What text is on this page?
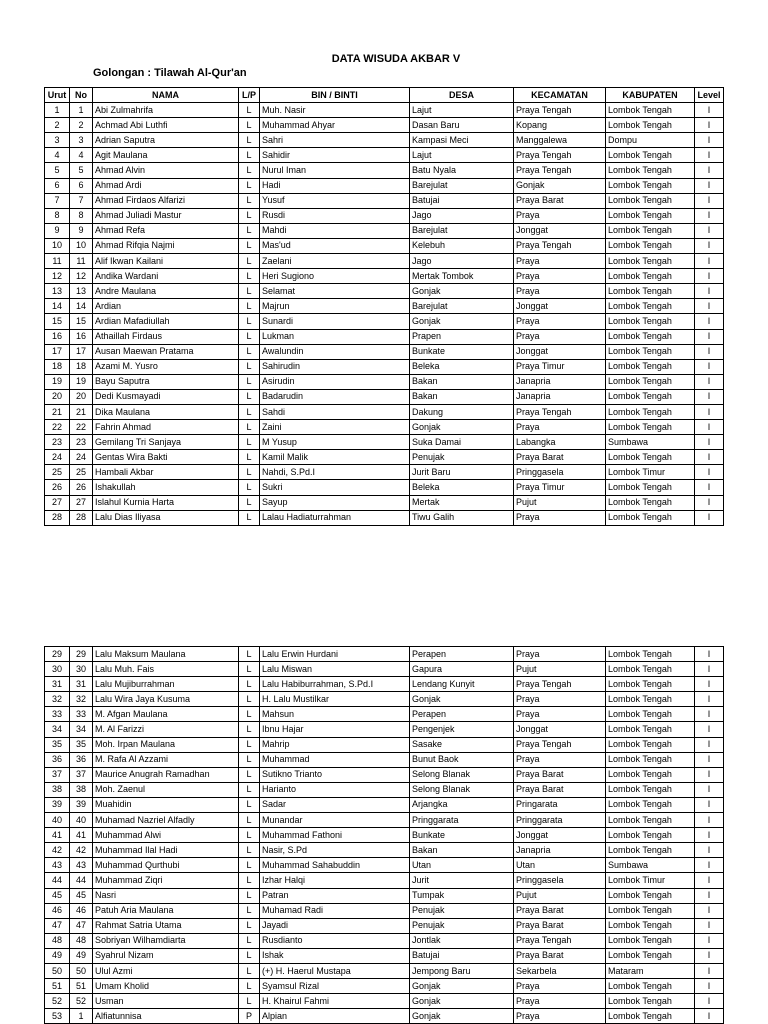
DATA WISUDA AKBAR V
Golongan : Tilawah Al-Qur'an
Urut	No	NAMA	L/P	BIN / BINTI	DESA	KECAMATAN	KABUPATEN	Level
1	1	Abi Zulmahrifa	L	Muh. Nasir	Lajut	Praya Tengah	Lombok Tengah	I
2	2	Achmad Abi Luthfi	L	Muhammad Ahyar	Dasan Baru	Kopang	Lombok Tengah	I
3	3	Adrian Saputra	L	Sahri	Kampasi Meci	Manggalewa	Dompu	I
4	4	Agit Maulana	L	Sahidir	Lajut	Praya Tengah	Lombok Tengah	I
5	5	Ahmad Alvin	L	Nurul Iman	Batu Nyala	Praya Tengah	Lombok Tengah	I
6	6	Ahmad Ardi	L	Hadi	Barejulat	Gonjak	Lombok Tengah	I
7	7	Ahmad Firdaos Alfarizi	L	Yusuf	Batujai	Praya Barat	Lombok Tengah	I
8	8	Ahmad Juliadi Mastur	L	Rusdi	Jago	Praya	Lombok Tengah	I
9	9	Ahmad Refa	L	Mahdi	Barejulat	Jonggat	Lombok Tengah	I
10	10	Ahmad Rifqia Najmi	L	Mas'ud	Kelebuh	Praya Tengah	Lombok Tengah	I
11	11	Alif Ikwan Kailani	L	Zaelani	Jago	Praya	Lombok Tengah	I
12	12	Andika Wardani	L	Heri Sugiono	Mertak Tombok	Praya	Lombok Tengah	I
13	13	Andre Maulana	L	Selamat	Gonjak	Praya	Lombok Tengah	I
14	14	Ardian	L	Majrun	Barejulat	Jonggat	Lombok Tengah	I
15	15	Ardian Mafadiullah	L	Sunardi	Gonjak	Praya	Lombok Tengah	I
16	16	Athaillah Firdaus	L	Lukman	Prapen	Praya	Lombok Tengah	I
17	17	Ausan Maewan Pratama	L	Awalundin	Bunkate	Jonggat	Lombok Tengah	I
18	18	Azami M. Yusro	L	Sahirudin	Beleka	Praya Timur	Lombok Tengah	I
19	19	Bayu Saputra	L	Asirudin	Bakan	Janapria	Lombok Tengah	I
20	20	Dedi Kusmayadi	L	Badarudin	Bakan	Janapria	Lombok Tengah	I
21	21	Dika Maulana	L	Sahdi	Dakung	Praya Tengah	Lombok Tengah	I
22	22	Fahrin Ahmad	L	Zaini	Gonjak	Praya	Lombok Tengah	I
23	23	Gemilang Tri Sanjaya	L	M Yusup	Suka Damai	Labangka	Sumbawa	I
24	24	Gentas Wira Bakti	L	Kamil Malik	Penujak	Praya Barat	Lombok Tengah	I
25	25	Hambali Akbar	L	Nahdi, S.Pd.I	Jurit Baru	Pringgasela	Lombok Timur	I
26	26	Ishakullah	L	Sukri	Beleka	Praya Timur	Lombok Tengah	I
27	27	Islahul Kurnia Harta	L	Sayup	Mertak	Pujut	Lombok Tengah	I
28	28	Lalu Dias Iliyasa	L	Lalau Hadiaturrahman	Tiwu Galih	Praya	Lombok Tengah	I
29	29	Lalu Maksum Maulana	L	Lalu Erwin Hurdani	Perapen	Praya	Lombok Tengah	I
30	30	Lalu Muh. Fais	L	Lalu Miswan	Gapura	Pujut	Lombok Tengah	I
31	31	Lalu Mujiburrahman	L	Lalu Habiburrahman, S.Pd.I	Lendang Kunyit	Praya Tengah	Lombok Tengah	I
32	32	Lalu Wira Jaya Kusuma	L	H. Lalu Mustilkar	Gonjak	Praya	Lombok Tengah	I
33	33	M. Afgan Maulana	L	Mahsun	Perapen	Praya	Lombok Tengah	I
34	34	M. Al Farizzi	L	Ibnu Hajar	Pengenjek	Jonggat	Lombok Tengah	I
35	35	Moh. Irpan Maulana	L	Mahrip	Sasake	Praya Tengah	Lombok Tengah	I
36	36	M. Rafa Al Azzami	L	Muhammad	Bunut Baok	Praya	Lombok Tengah	I
37	37	Maurice Anugrah Ramadhan	L	Sutikno Trianto	Selong Blanak	Praya Barat	Lombok Tengah	I
38	38	Moh. Zaenul	L	Harianto	Selong Blanak	Praya Barat	Lombok Tengah	I
39	39	Muahidin	L	Sadar	Arjangka	Pringarata	Lombok Tengah	I
40	40	Muhamad Nazriel Alfadly	L	Munandar	Pringgarata	Pringgarata	Lombok Tengah	I
41	41	Muhammad Alwi	L	Muhammad Fathoni	Bunkate	Jonggat	Lombok Tengah	I
42	42	Muhammad Ilal Hadi	L	Nasir, S.Pd	Bakan	Janapria	Lombok Tengah	I
43	43	Muhammad Qurthubi	L	Muhammad Sahabuddin	Utan	Utan	Sumbawa	I
44	44	Muhammad Ziqri	L	Izhar Halqi	Jurit	Pringgasela	Lombok Timur	I
45	45	Nasri	L	Patran	Tumpak	Pujut	Lombok Tengah	I
46	46	Patuh Aria Maulana	L	Muhamad Radi	Penujak	Praya Barat	Lombok Tengah	I
47	47	Rahmat Satria Utama	L	Jayadi	Penujak	Praya Barat	Lombok Tengah	I
48	48	Sobriyan Wilhamdiarta	L	Rusdianto	Jontlak	Praya Tengah	Lombok Tengah	I
49	49	Syahrul Nizam	L	Ishak	Batujai	Praya Barat	Lombok Tengah	I
50	50	Ulul Azmi	L	(+) H. Haerul Mustapa	Jempong Baru	Sekarbela	Mataram	I
51	51	Umam Kholid	L	Syamsul Rizal	Gonjak	Praya	Lombok Tengah	I
52	52	Usman	L	H. Khairul Fahmi	Gonjak	Praya	Lombok Tengah	I
53	1	Alfiatunnisa	P	Alpian	Gonjak	Praya	Lombok Tengah	I
